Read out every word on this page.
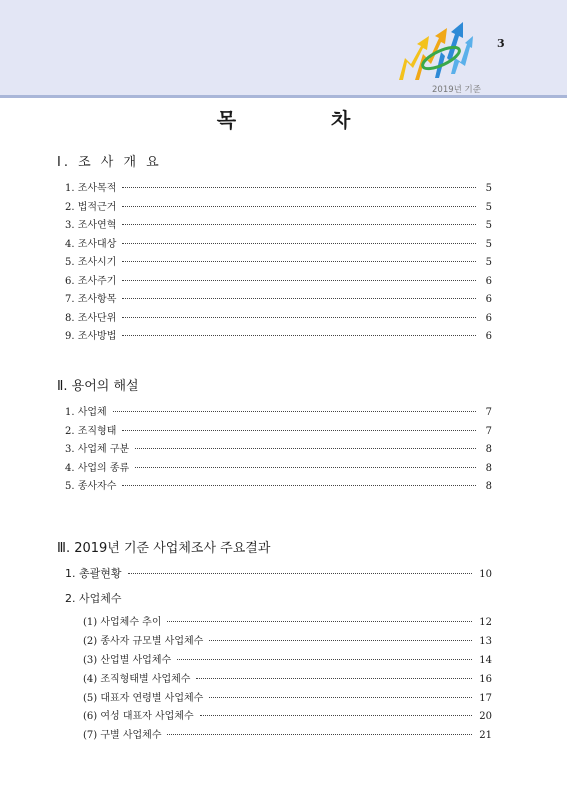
3
2019년 기준
목 차
Ⅰ. 조 사 개 요
1. 조사목적	5
2. 법적근거	5
3. 조사연혁	5
4. 조사대상	5
5. 조사시기	5
6. 조사주기	6
7. 조사항목	6
8. 조사단위	6
9. 조사방법	6
Ⅱ. 용어의 해설
1. 사업체	7
2. 조직형태	7
3. 사업체 구분	8
4. 사업의 종류	8
5. 종사자수	8
Ⅲ. 2019년 기준 사업체조사 주요결과
1. 총괄현황	10
2. 사업체수
(1) 사업체수 추이	12
(2) 종사자 규모별 사업체수	13
(3) 산업별 사업체수	14
(4) 조직형태별 사업체수	16
(5) 대표자 연령별 사업체수	17
(6) 여성 대표자 사업체수	20
(7) 구별 사업체수	21
